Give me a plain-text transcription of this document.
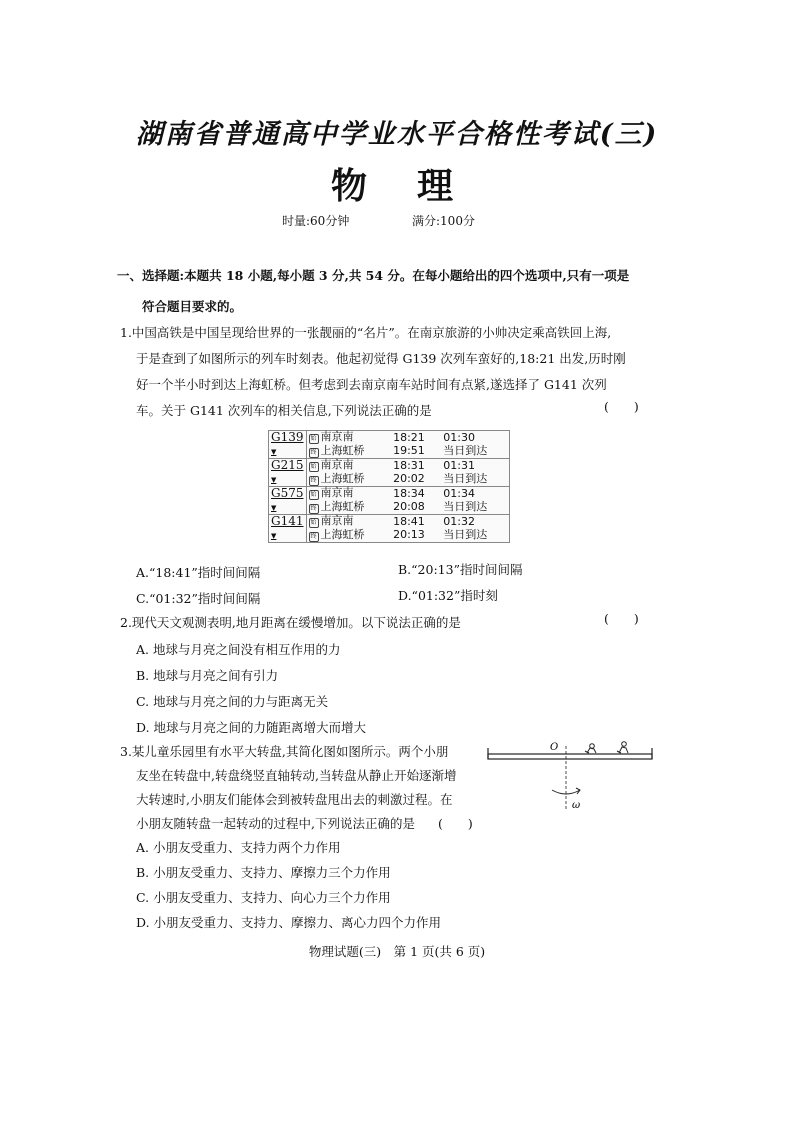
湖南省普通高中学业水平合格性考试(三)
物理
时量:60分钟	满分:100分
一、选择题:本题共 18 小题,每小题 3 分,共 54 分。在每小题给出的四个选项中,只有一项是
符合题目要求的。
1.中国高铁是中国呈现给世界的一张靓丽的“名片”。在南京旅游的小帅决定乘高铁回上海,
于是查到了如图所示的列车时刻表。他起初觉得 G139 次列车蛮好的,18:21 出发,历时刚
好一个半小时到达上海虹桥。但考虑到去南京南车站时间有点紧,遂选择了 G141 次列
车。关于 G141 次列车的相关信息,下列说法正确的是	(　　)
G139 ▼	始 南京南	18:21	01:30
	终 上海虹桥	19:51	当日到达
G215 ▼	始 南京南	18:31	01:31
	终 上海虹桥	20:02	当日到达
G575 ▼	始 南京南	18:34	01:34
	终 上海虹桥	20:08	当日到达
G141 ▼	始 南京南	18:41	01:32
	终 上海虹桥	20:13	当日到达
A.“18:41”指时间间隔	B.“20:13”指时间间隔
C.“01:32”指时间间隔	D.“01:32”指时刻
2.现代天文观测表明,地月距离在缓慢增加。以下说法正确的是	(　　)
A. 地球与月亮之间没有相互作用的力
B. 地球与月亮之间有引力
C. 地球与月亮之间的力与距离无关
D. 地球与月亮之间的力随距离增大而增大
3.某儿童乐园里有水平大转盘,其简化图如图所示。两个小朋
友坐在转盘中,转盘绕竖直轴转动,当转盘从静止开始逐渐增
大转速时,小朋友们能体会到被转盘甩出去的刺激过程。在
小朋友随转盘一起转动的过程中,下列说法正确的是 (　　)
O
ω
A. 小朋友受重力、支持力两个力作用
B. 小朋友受重力、支持力、摩擦力三个力作用
C. 小朋友受重力、支持力、向心力三个力作用
D. 小朋友受重力、支持力、摩擦力、离心力四个力作用
物理试题(三)　第 1 页(共 6 页)
